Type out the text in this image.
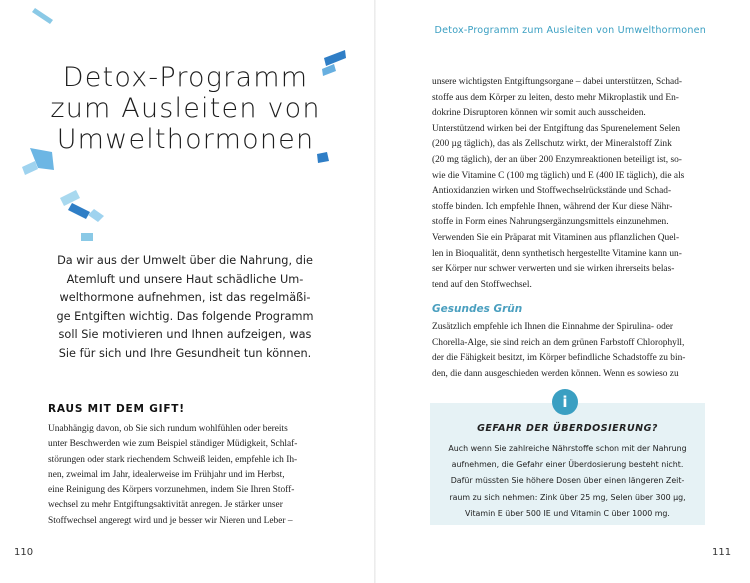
Detox-Programm
zum Ausleiten von
Umwelthormonen
Da wir aus der Umwelt über die Nahrung, die
Atemluft und unsere Haut schädliche Um-
welthormone aufnehmen, ist das regelmäßi-
ge Entgiften wichtig. Das folgende Programm
soll Sie motivieren und Ihnen aufzeigen, was
Sie für sich und Ihre Gesundheit tun können.
RAUS MIT DEM GIFT!
Unabhängig davon, ob Sie sich rundum wohlfühlen oder bereits
unter Beschwerden wie zum Beispiel ständiger Müdigkeit, Schlaf-
störungen oder stark riechendem Schweiß leiden, empfehle ich Ih-
nen, zweimal im Jahr, idealerweise im Frühjahr und im Herbst,
eine Reinigung des Körpers vorzunehmen, indem Sie Ihren Stoff-
wechsel zu mehr Entgiftungsaktivität anregen. Je stärker unser
Stoffwechsel angeregt wird und je besser wir Nieren und Leber –
110
Detox-Programm zum Ausleiten von Umwelthormonen
unsere wichtigsten Entgiftungsorgane – dabei unterstützen, Schad-
stoffe aus dem Körper zu leiten, desto mehr Mikroplastik und En-
dokrine Disruptoren können wir somit auch ausscheiden.
Unterstützend wirken bei der Entgiftung das Spurenelement Selen
(200 µg täglich), das als Zellschutz wirkt, der Mineralstoff Zink
(20 mg täglich), der an über 200 Enzymreaktionen beteiligt ist, so-
wie die Vitamine C (100 mg täglich) und E (400 IE täglich), die als
Antioxidanzien wirken und Stoffwechselrückstände und Schad-
stoffe binden. Ich empfehle Ihnen, während der Kur diese Nähr-
stoffe in Form eines Nahrungsergänzungsmittels einzunehmen.
Verwenden Sie ein Präparat mit Vitaminen aus pflanzlichen Quel-
len in Bioqualität, denn synthetisch hergestellte Vitamine kann un-
ser Körper nur schwer verwerten und sie wirken ihrerseits belas-
tend auf den Stoffwechsel.
Gesundes Grün
Zusätzlich empfehle ich Ihnen die Einnahme der Spirulina- oder
Chorella-Alge, sie sind reich an dem grünen Farbstoff Chlorophyll,
der die Fähigkeit besitzt, im Körper befindliche Schadstoffe zu bin-
den, die dann ausgeschieden werden können. Wenn es sowieso zu
i
GEFAHR DER ÜBERDOSIERUNG?
Auch wenn Sie zahlreiche Nährstoffe schon mit der Nahrung
aufnehmen, die Gefahr einer Überdosierung besteht nicht.
Dafür müssten Sie höhere Dosen über einen längeren Zeit-
raum zu sich nehmen: Zink über 25 mg, Selen über 300 µg,
Vitamin E über 500 IE und Vitamin C über 1000 mg.
111
